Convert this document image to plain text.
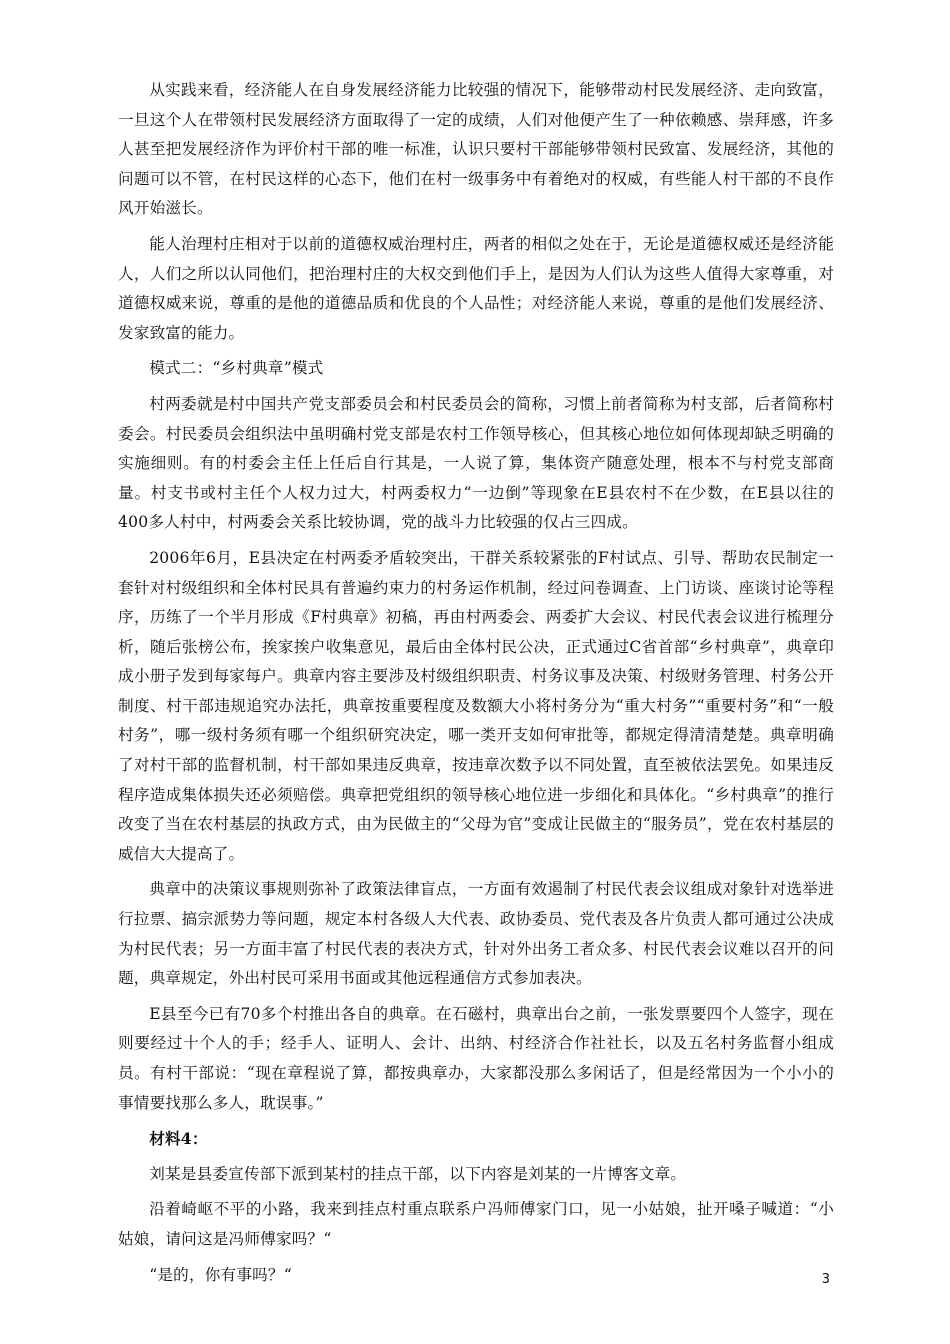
从实践来看，经济能人在自身发展经济能力比较强的情况下，能够带动村民发展经济、走向致富，一旦这个人在带领村民发展经济方面取得了一定的成绩，人们对他便产生了一种依赖感、崇拜感，许多人甚至把发展经济作为评价村干部的唯一标准，认识只要村干部能够带领村民致富、发展经济，其他的问题可以不管，在村民这样的心态下，他们在村一级事务中有着绝对的权威，有些能人村干部的不良作风开始滋长。

能人治理村庄相对于以前的道德权威治理村庄，两者的相似之处在于，无论是道德权威还是经济能人，人们之所以认同他们，把治理村庄的大权交到他们手上，是因为人们认为这些人值得大家尊重，对道德权威来说，尊重的是他的道德品质和优良的个人品性；对经济能人来说，尊重的是他们发展经济、发家致富的能力。

模式二：“乡村典章”模式

村两委就是村中国共产党支部委员会和村民委员会的简称，习惯上前者简称为村支部，后者简称村委会。村民委员会组织法中虽明确村党支部是农村工作领导核心，但其核心地位如何体现却缺乏明确的实施细则。有的村委会主任上任后自行其是，一人说了算，集体资产随意处理，根本不与村党支部商量。村支书或村主任个人权力过大，村两委权力“一边倒”等现象在E县农村不在少数，在E县以往的400多人村中，村两委会关系比较协调，党的战斗力比较强的仅占三四成。

2006年6月，E县决定在村两委矛盾较突出，干群关系较紧张的F村试点、引导、帮助农民制定一套针对村级组织和全体村民具有普遍约束力的村务运作机制，经过问卷调查、上门访谈、座谈讨论等程序，历练了一个半月形成《F村典章》初稿，再由村两委会、两委扩大会议、村民代表会议进行梳理分析，随后张榜公布，挨家挨户收集意见，最后由全体村民公决，正式通过C省首部“乡村典章”，典章印成小册子发到每家每户。典章内容主要涉及村级组织职责、村务议事及决策、村级财务管理、村务公开制度、村干部违规追究办法托，典章按重要程度及数额大小将村务分为“重大村务”“重要村务”和“一般村务”，哪一级村务须有哪一个组织研究决定，哪一类开支如何审批等，都规定得清清楚楚。典章明确了对村干部的监督机制，村干部如果违反典章，按违章次数予以不同处置，直至被依法罢免。如果违反程序造成集体损失还必须赔偿。典章把党组织的领导核心地位进一步细化和具体化。“乡村典章”的推行改变了当在农村基层的执政方式，由为民做主的“父母为官”变成让民做主的“服务员”，党在农村基层的威信大大提高了。

典章中的决策议事规则弥补了政策法律盲点，一方面有效遏制了村民代表会议组成对象针对选举进行拉票、搞宗派势力等问题，规定本村各级人大代表、政协委员、党代表及各片负责人都可通过公决成为村民代表；另一方面丰富了村民代表的表决方式，针对外出务工者众多、村民代表会议难以召开的问题，典章规定，外出村民可采用书面或其他远程通信方式参加表决。

E县至今已有70多个村推出各自的典章。在石磁村，典章出台之前，一张发票要四个人签字，现在则要经过十个人的手；经手人、证明人、会计、出纳、村经济合作社社长，以及五名村务监督小组成员。有村干部说：“现在章程说了算，都按典章办，大家都没那么多闲话了，但是经常因为一个小小的事情要找那么多人，耽误事。”

材料4：

刘某是县委宣传部下派到某村的挂点干部，以下内容是刘某的一片博客文章。

沿着崎岖不平的小路，我来到挂点村重点联系户冯师傅家门口，见一小姑娘，扯开嗓子喊道：“小姑娘，请问这是冯师傅家吗？“

“是的，你有事吗？“	3
